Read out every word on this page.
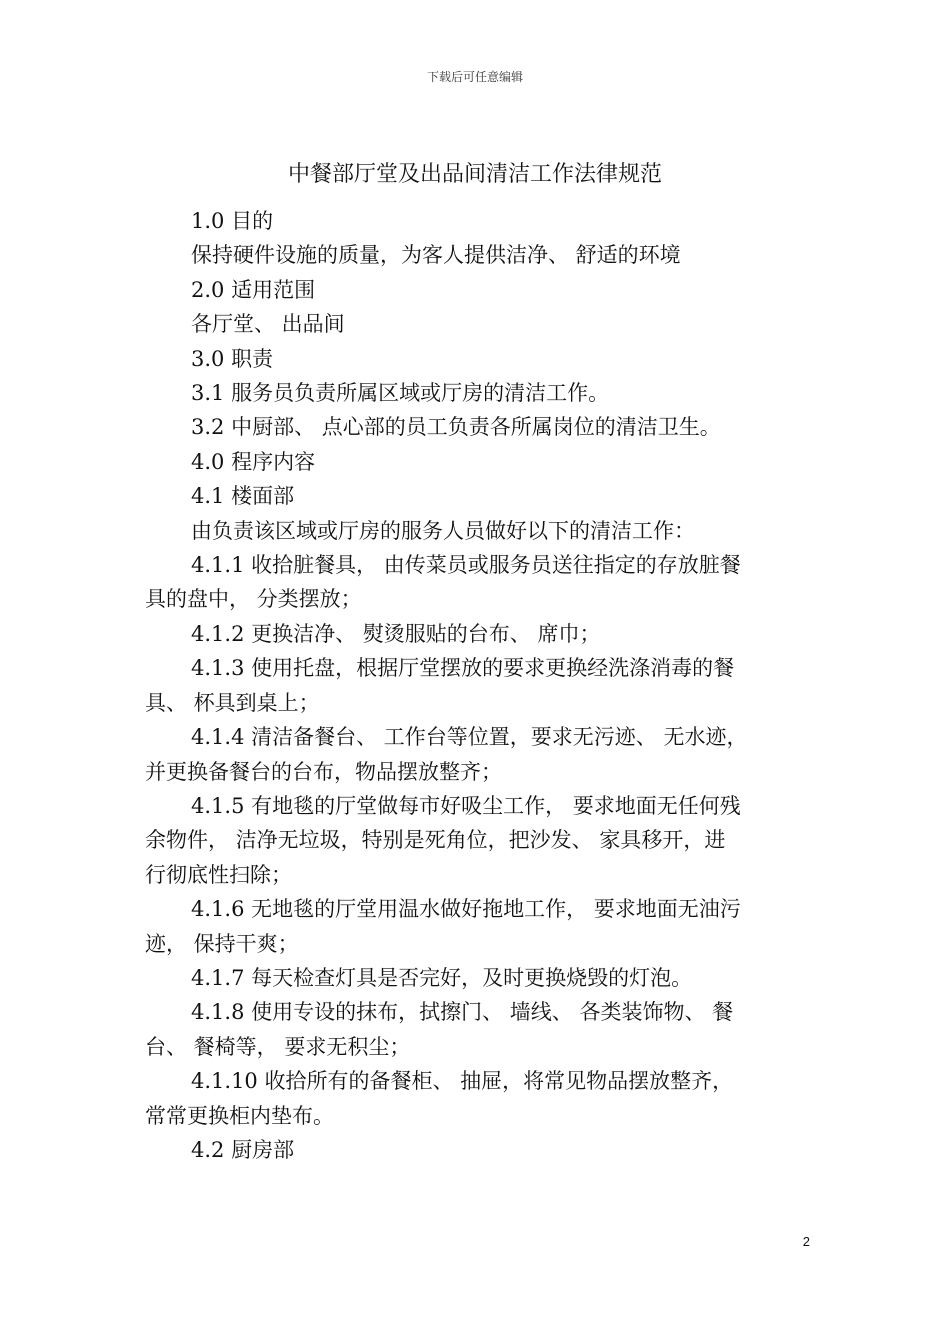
下载后可任意编辑
中餐部厅堂及出品间清洁工作法律规范
1.0 目的
保持硬件设施的质量，为客人提供洁净、 舒适的环境
2.0 适用范围
各厅堂、 出品间
3.0 职责
3.1 服务员负责所属区域或厅房的清洁工作。
3.2 中厨部、 点心部的员工负责各所属岗位的清洁卫生。
4.0 程序内容
4.1 楼面部
由负责该区域或厅房的服务人员做好以下的清洁工作：
4.1.1 收拾脏餐具， 由传菜员或服务员送往指定的存放脏餐
具的盘中， 分类摆放；
4.1.2 更换洁净、 熨烫服贴的台布、 席巾；
4.1.3 使用托盘，根据厅堂摆放的要求更换经洗涤消毒的餐
具、 杯具到桌上；
4.1.4 清洁备餐台、 工作台等位置，要求无污迹、 无水迹，
并更换备餐台的台布，物品摆放整齐；
4.1.5 有地毯的厅堂做每市好吸尘工作， 要求地面无任何残
余物件， 洁净无垃圾，特别是死角位，把沙发、 家具移开，进
行彻底性扫除；
4.1.6 无地毯的厅堂用温水做好拖地工作， 要求地面无油污
迹， 保持干爽；
4.1.7 每天检查灯具是否完好，及时更换烧毁的灯泡。
4.1.8 使用专设的抹布，拭擦门、 墙线、 各类装饰物、 餐
台、 餐椅等， 要求无积尘；
4.1.10 收拾所有的备餐柜、 抽屉，将常见物品摆放整齐，
常常更换柜内垫布。
4.2 厨房部
2
